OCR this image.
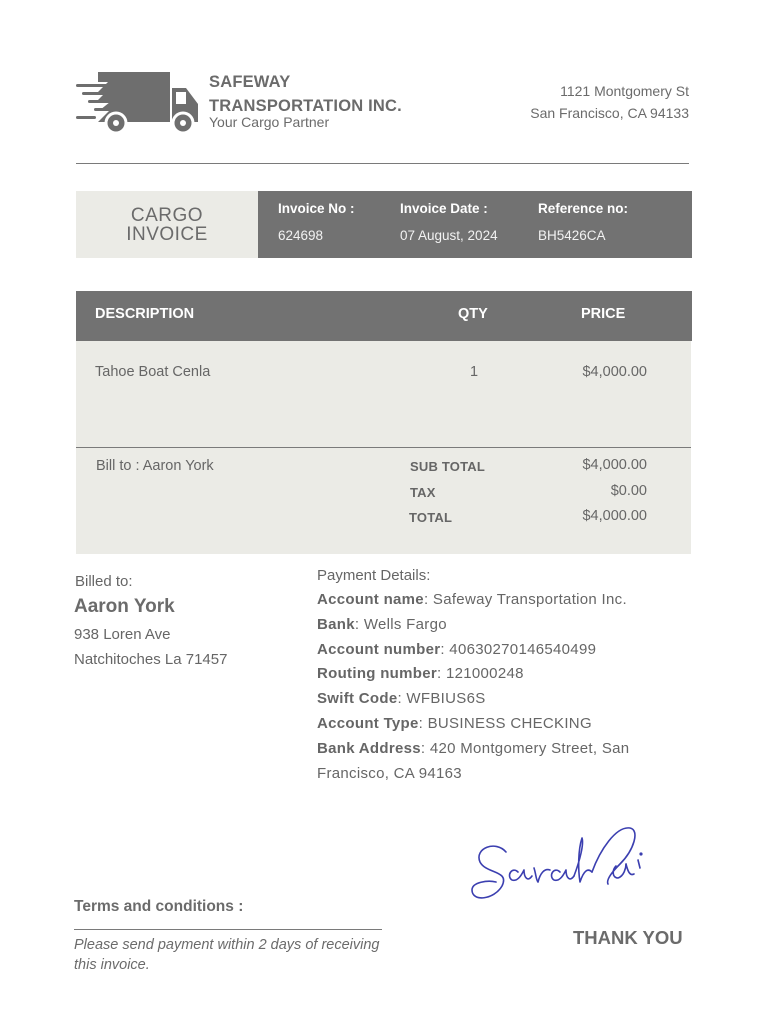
SAFEWAY
TRANSPORTATION INC.
Your Cargo Partner
1121 Montgomery St
San Francisco, CA 94133
CARGO
INVOICE
Invoice No :
624698
Invoice Date :
07 August, 2024
Reference no:
BH5426CA
DESCRIPTION	QTY	PRICE
Tahoe Boat Cenla	1	$4,000.00
Bill to : Aaron York	SUB TOTAL	$4,000.00
TAX	$0.00
TOTAL	$4,000.00
Billed to:
Aaron York
938 Loren Ave
Natchitoches La 71457
Payment Details:
Account name: Safeway Transportation Inc.
Bank: Wells Fargo
Account number: 40630270146540499
Routing number: 121000248
Swift Code: WFBIUS6S
Account Type: BUSINESS CHECKING
Bank Address: 420 Montgomery Street, San Francisco, CA 94163
Terms and conditions :
Please send payment within 2 days of receiving this invoice.
THANK YOU
